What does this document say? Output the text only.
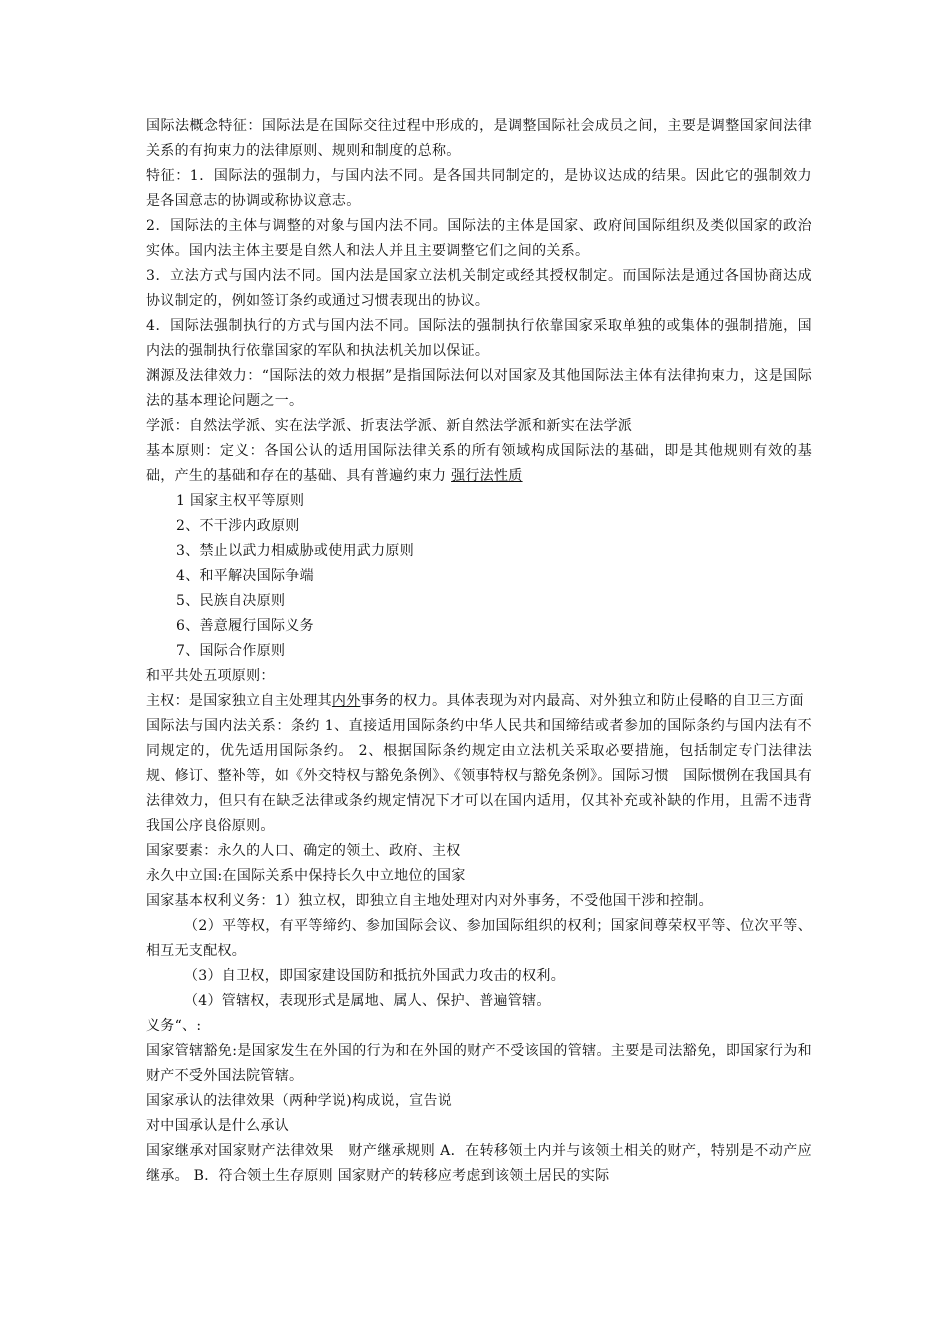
国际法概念特征：国际法是在国际交往过程中形成的，是调整国际社会成员之间，主要是调整国家间法律关系的有拘束力的法律原则、规则和制度的总称。

特征：1．国际法的强制力，与国内法不同。是各国共同制定的，是协议达成的结果。因此它的强制效力是各国意志的协调或称协议意志。

2．国际法的主体与调整的对象与国内法不同。国际法的主体是国家、政府间国际组织及类似国家的政治实体。国内法主体主要是自然人和法人并且主要调整它们之间的关系。

3．立法方式与国内法不同。国内法是国家立法机关制定或经其授权制定。而国际法是通过各国协商达成协议制定的，例如签订条约或通过习惯表现出的协议。

4．国际法强制执行的方式与国内法不同。国际法的强制执行依靠国家采取单独的或集体的强制措施，国内法的强制执行依靠国家的军队和执法机关加以保证。

渊源及法律效力：“国际法的效力根据”是指国际法何以对国家及其他国际法主体有法律拘束力，这是国际法的基本理论问题之一。

学派：自然法学派、实在法学派、折衷法学派、新自然法学派和新实在法学派

基本原则：定义：各国公认的适用国际法律关系的所有领域构成国际法的基础，即是其他规则有效的基础，产生的基础和存在的基础、具有普遍约束力 强行法性质

1 国家主权平等原则

2、不干涉内政原则

3、禁止以武力相威胁或使用武力原则

4、和平解决国际争端

5、民族自决原则

6、善意履行国际义务

7、国际合作原则

和平共处五项原则：

主权：是国家独立自主处理其内外事务的权力。具体表现为对内最高、对外独立和防止侵略的自卫三方面

国际法与国内法关系：条约 1、直接适用国际条约中华人民共和国缔结或者参加的国际条约与国内法有不同规定的，优先适用国际条约。 2、根据国际条约规定由立法机关采取必要措施，包括制定专门法律法规、修订、整补等，如《外交特权与豁免条例》、《领事特权与豁免条例》。国际习惯　国际惯例在我国具有法律效力，但只有在缺乏法律或条约规定情况下才可以在国内适用，仅其补充或补缺的作用，且需不违背我国公序良俗原则。

国家要素：永久的人口、确定的领土、政府、主权

永久中立国:在国际关系中保持长久中立地位的国家

国家基本权利义务：1）独立权，即独立自主地处理对内对外事务，不受他国干涉和控制。

（2）平等权，有平等缔约、参加国际会议、参加国际组织的权利；国家间尊荣权平等、位次平等、相互无支配权。

（3）自卫权，即国家建设国防和抵抗外国武力攻击的权利。

（4）管辖权，表现形式是属地、属人、保护、普遍管辖。

义务“、:

国家管辖豁免:是国家发生在外国的行为和在外国的财产不受该国的管辖。主要是司法豁免，即国家行为和财产不受外国法院管辖。

国家承认的法律效果（两种学说)构成说，宣告说

对中国承认是什么承认

国家继承对国家财产法律效果　财产继承规则 A．在转移领土内并与该领土相关的财产，特别是不动产应继承。 B．符合领土生存原则 国家财产的转移应考虑到该领土居民的实际
